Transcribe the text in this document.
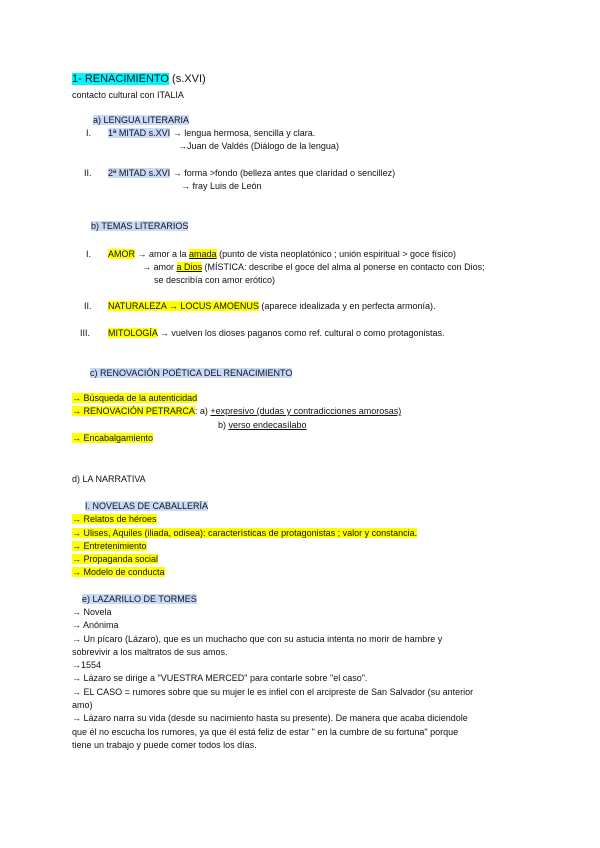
1- RENACIMIENTO (s.XVI)
contacto cultural con ITALIA
a) LENGUA LITERARIA
I. 1ª MITAD s.XVI → lengua hermosa, sencilla y clara.
→Juan de Valdés (Diálogo de la lengua)
II. 2ª MITAD s.XVI → forma >fondo (belleza antes que claridad o sencillez)
→ fray Luis de León
b) TEMAS LITERARIOS
I. AMOR → amor a la amada (punto de vista neoplatónico ; unión espiritual > goce físico)
→ amor a Dios (MÍSTICA: describe el goce del alma al ponerse en contacto con Dios;
se describía con amor erótico)
II. NATURALEZA → LOCUS AMOENUS (aparece idealizada y en perfecta armonía).
III. MITOLOGÍA → vuelven los dioses paganos como ref. cultural o como protagonistas.
c) RENOVACIÓN POÉTICA DEL RENACIMIENTO
→ Búsqueda de la autenticidad
→ RENOVACIÓN PETRARCA: a) +expresivo (dudas y contradicciones amorosas)
b) verso endecasílabo
→ Encabalgamiento
d) LA NARRATIVA
I. NOVELAS DE CABALLERÍA
→ Relatos de héroes
→ Ulises, Aquiles (iliada, odisea): características de protagonistas ; valor y constancia.
→ Entretenimiento
→ Propaganda social
→ Modelo de conducta
e) LAZARILLO DE TORMES
→ Novela
→ Anónima
→ Un pícaro (Lázaro), que es un muchacho que con su astucia intenta no morir de hambre y
sobrevivir a los maltratos de sus amos.
→1554
→ Lázaro se dirige a "VUESTRA MERCED" para contarle sobre "el caso".
→ EL CASO = rumores sobre que su mujer le es infiel con el arcipreste de San Salvador (su anterior
amo)
→ Lázaro narra su vida (desde su nacimiento hasta su presente). De manera que acaba diciendole
que él no escucha los rumores, ya que él está feliz de estar " en la cumbre de su fortuna" porque
tiene un trabajo y puede comer todos los días.
